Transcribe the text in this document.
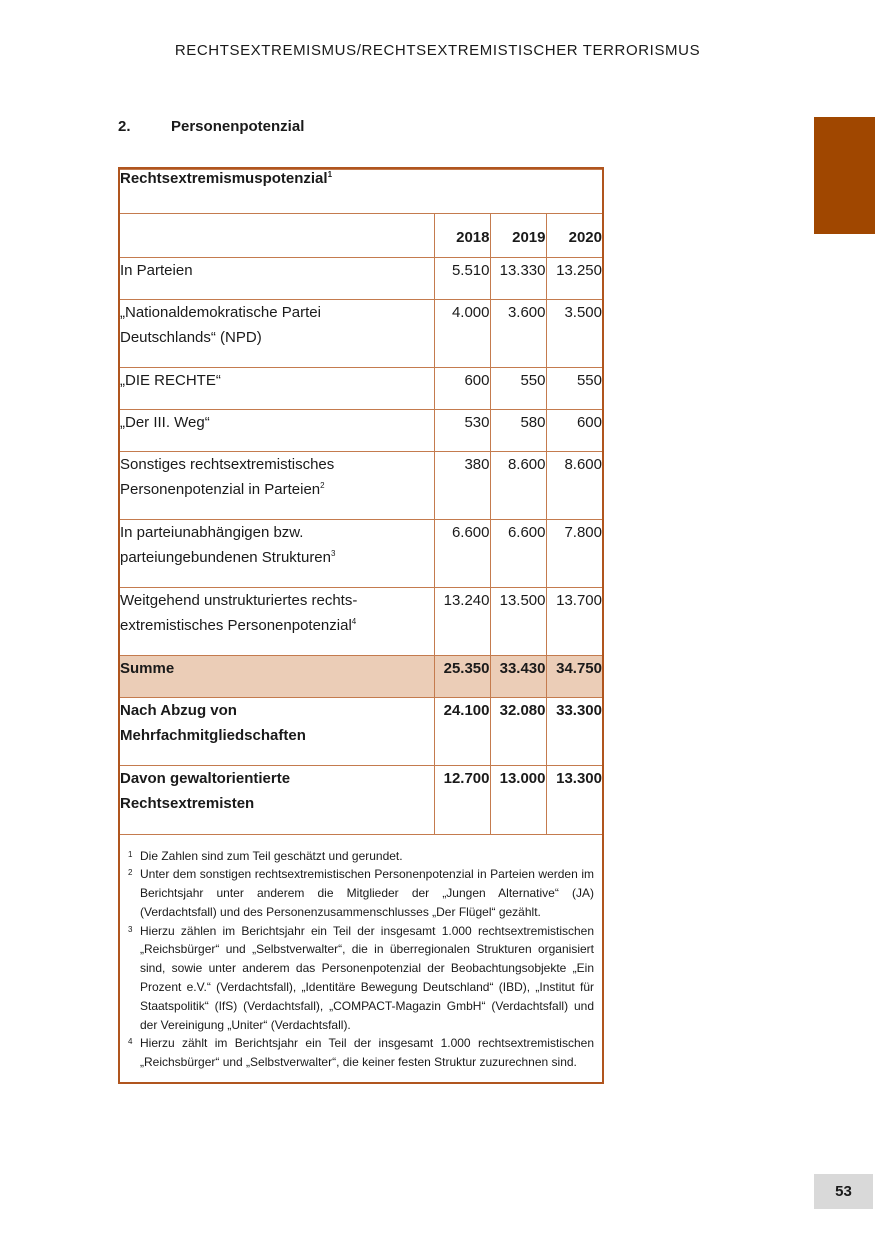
RECHTSEXTREMISMUS/RECHTSEXTREMISTISCHER TERRORISMUS
2.	Personenpotenzial
Rechtsextremismuspotenzial$^1$
	2018	2019	2020
In Parteien	5.510	13.330	13.250
„Nationaldemokratische Partei
Deutschlands“ (NPD)	4.000	3.600	3.500
„DIE RECHTE“	600	550	550
„Der III. Weg“	530	580	600
Sonstiges rechtsextremistisches
Personenpotenzial in Parteien$^2$	380	8.600	8.600
In parteiunabhängigen bzw.
parteiungebundenen Strukturen$^3$	6.600	6.600	7.800
Weitgehend unstrukturiertes rechts-
extremistisches Personenpotenzial$^4$	13.240	13.500	13.700
Summe	25.350	33.430	34.750
Nach Abzug von
Mehrfachmitgliedschaften	24.100	32.080	33.300
Davon gewaltorientierte
Rechtsextremisten	12.700	13.000	13.300
1 Die Zahlen sind zum Teil geschätzt und gerundet.
2 Unter dem sonstigen rechtsextremistischen Personenpotenzial in Parteien werden im Berichtsjahr unter anderem die Mitglieder der „Jungen Alternative“ (JA) (Verdachtsfall) und des Personenzusammenschlusses „Der Flügel“ gezählt.
3 Hierzu zählen im Berichtsjahr ein Teil der insgesamt 1.000 rechtsextremistischen „Reichsbürger“ und „Selbstverwalter“, die in überregionalen Strukturen organisiert sind, sowie unter anderem das Personenpotenzial der Beobachtungsobjekte „Ein Prozent e.V.“ (Verdachtsfall), „Identitäre Bewegung Deutschland“ (IBD), „Institut für Staatspolitik“ (IfS) (Verdachtsfall), „COMPACT-Magazin GmbH“ (Verdachtsfall) und der Vereinigung „Uniter“ (Verdachtsfall).
4 Hierzu zählt im Berichtsjahr ein Teil der insgesamt 1.000 rechtsextremistischen „Reichsbürger“ und „Selbstverwalter“, die keiner festen Struktur zuzurechnen sind.
53
